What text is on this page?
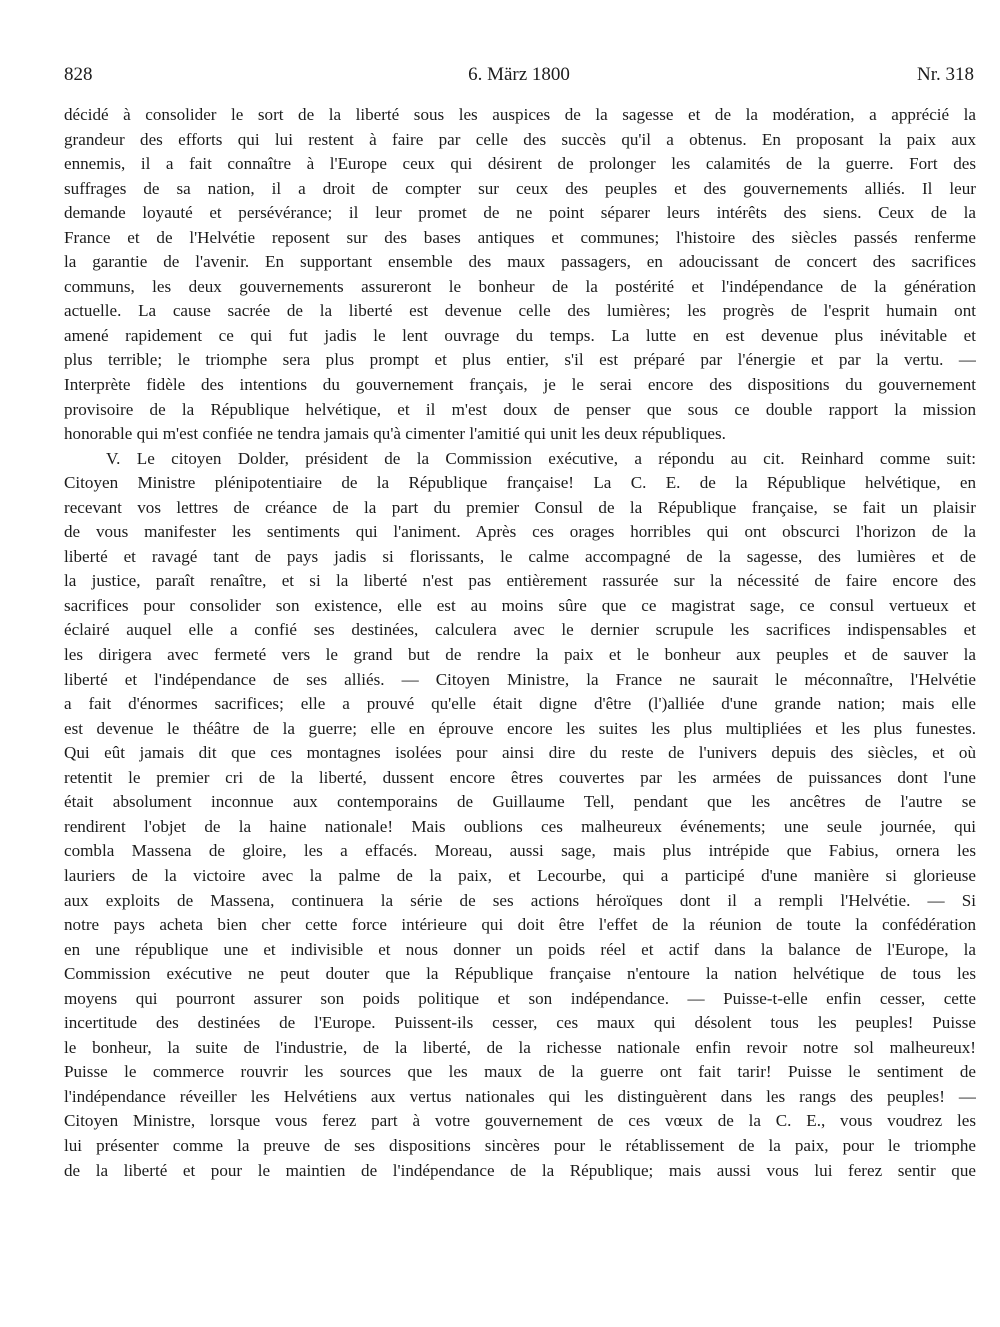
828	6. März 1800	Nr. 318
décidé à consolider le sort de la liberté sous les auspices de la sagesse et de la modération, a apprécié la
grandeur des efforts qui lui restent à faire par celle des succès qu'il a obtenus. En proposant la paix aux
ennemis, il a fait connaître à l'Europe ceux qui désirent de prolonger les calamités de la guerre. Fort des
suffrages de sa nation, il a droit de compter sur ceux des peuples et des gouvernements alliés. Il leur
demande loyauté et persévérance; il leur promet de ne point séparer leurs intérêts des siens. Ceux de la
France et de l'Helvétie reposent sur des bases antiques et communes; l'histoire des siècles passés renferme
la garantie de l'avenir. En supportant ensemble des maux passagers, en adoucissant de concert des sacrifices
communs, les deux gouvernements assureront le bonheur de la postérité et l'indépendance de la génération
actuelle. La cause sacrée de la liberté est devenue celle des lumières; les progrès de l'esprit humain ont
amené rapidement ce qui fut jadis le lent ouvrage du temps. La lutte en est devenue plus inévitable et
plus terrible; le triomphe sera plus prompt et plus entier, s'il est préparé par l'énergie et par la vertu. —
Interprète fidèle des intentions du gouvernement français, je le serai encore des dispositions du gouvernement
provisoire de la République helvétique, et il m'est doux de penser que sous ce double rapport la mission
honorable qui m'est confiée ne tendra jamais qu'à cimenter l'amitié qui unit les deux républiques.
V. Le citoyen Dolder, président de la Commission exécutive, a répondu au cit. Reinhard comme suit:
Citoyen Ministre plénipotentiaire de la République française! La C. E. de la République helvétique, en
recevant vos lettres de créance de la part du premier Consul de la République française, se fait un plaisir
de vous manifester les sentiments qui l'animent. Après ces orages horribles qui ont obscurci l'horizon de la
liberté et ravagé tant de pays jadis si florissants, le calme accompagné de la sagesse, des lumières et de
la justice, paraît renaître, et si la liberté n'est pas entièrement rassurée sur la nécessité de faire encore des
sacrifices pour consolider son existence, elle est au moins sûre que ce magistrat sage, ce consul vertueux et
éclairé auquel elle a confié ses destinées, calculera avec le dernier scrupule les sacrifices indispensables et
les dirigera avec fermeté vers le grand but de rendre la paix et le bonheur aux peuples et de sauver la
liberté et l'indépendance de ses alliés. — Citoyen Ministre, la France ne saurait le méconnaître, l'Helvétie
a fait d'énormes sacrifices; elle a prouvé qu'elle était digne d'être (l')alliée d'une grande nation; mais elle
est devenue le théâtre de la guerre; elle en éprouve encore les suites les plus multipliées et les plus funestes.
Qui eût jamais dit que ces montagnes isolées pour ainsi dire du reste de l'univers depuis des siècles, et où
retentit le premier cri de la liberté, dussent encore êtres couvertes par les armées de puissances dont l'une
était absolument inconnue aux contemporains de Guillaume Tell, pendant que les ancêtres de l'autre se
rendirent l'objet de la haine nationale! Mais oublions ces malheureux événements; une seule journée, qui
combla Massena de gloire, les a effacés. Moreau, aussi sage, mais plus intrépide que Fabius, ornera les
lauriers de la victoire avec la palme de la paix, et Lecourbe, qui a participé d'une manière si glorieuse
aux exploits de Massena, continuera la série de ses actions héroïques dont il a rempli l'Helvétie. — Si
notre pays acheta bien cher cette force intérieure qui doit être l'effet de la réunion de toute la confédération
en une république une et indivisible et nous donner un poids réel et actif dans la balance de l'Europe, la
Commission exécutive ne peut douter que la République française n'entoure la nation helvétique de tous les
moyens qui pourront assurer son poids politique et son indépendance. — Puisse-t-elle enfin cesser, cette
incertitude des destinées de l'Europe. Puissent-ils cesser, ces maux qui désolent tous les peuples! Puisse
le bonheur, la suite de l'industrie, de la liberté, de la richesse nationale enfin revoir notre sol malheureux!
Puisse le commerce rouvrir les sources que les maux de la guerre ont fait tarir! Puisse le sentiment de
l'indépendance réveiller les Helvétiens aux vertus nationales qui les distinguèrent dans les rangs des peuples! —
Citoyen Ministre, lorsque vous ferez part à votre gouvernement de ces vœux de la C. E., vous voudrez les
lui présenter comme la preuve de ses dispositions sincères pour le rétablissement de la paix, pour le triomphe
de la liberté et pour le maintien de l'indépendance de la République; mais aussi vous lui ferez sentir que
